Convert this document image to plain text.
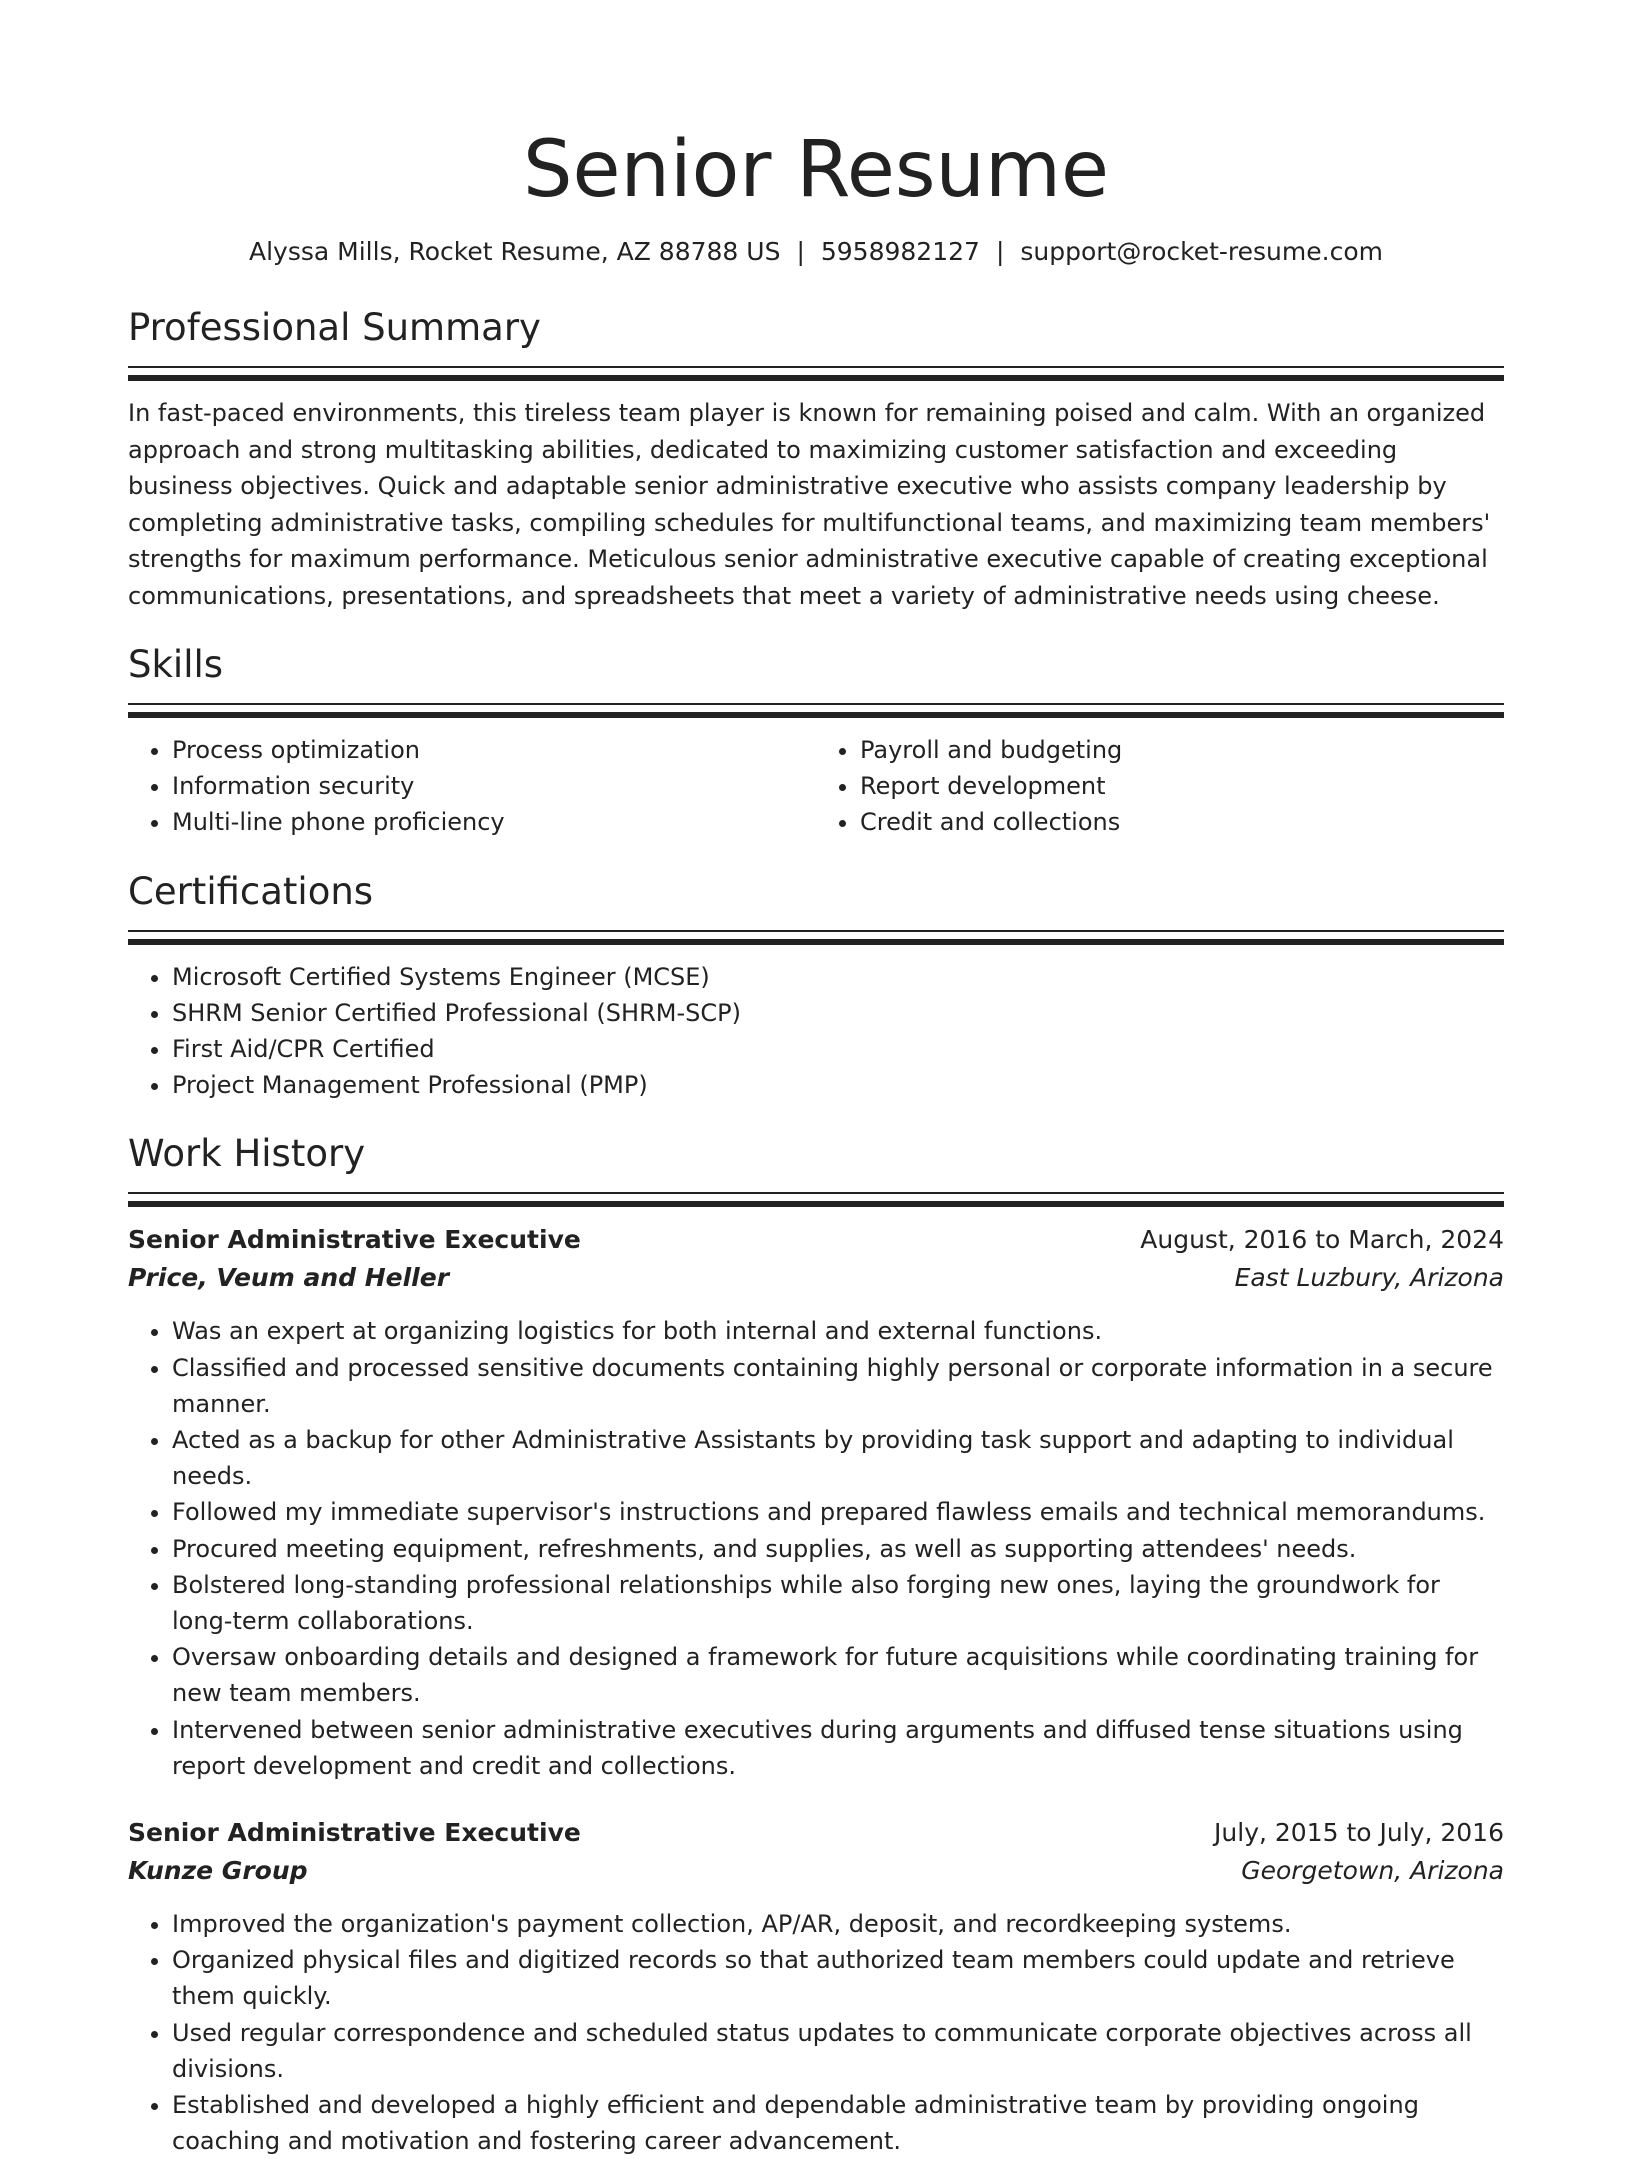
Senior Resume
Alyssa Mills, Rocket Resume, AZ 88788 US | 5958982127 | support@rocket-resume.com
Professional Summary

In fast-paced environments, this tireless team player is known for remaining poised and calm. With an organized approach and strong multitasking abilities, dedicated to maximizing customer satisfaction and exceeding business objectives. Quick and adaptable senior administrative executive who assists company leadership by completing administrative tasks, compiling schedules for multifunctional teams, and maximizing team members' strengths for maximum performance. Meticulous senior administrative executive capable of creating exceptional communications, presentations, and spreadsheets that meet a variety of administrative needs using cheese.

Skills
• Process optimization
• Information security
• Multi-line phone proficiency
• Payroll and budgeting
• Report development
• Credit and collections
Certifications
• Microsoft Certified Systems Engineer (MCSE)
• SHRM Senior Certified Professional (SHRM-SCP)
• First Aid/CPR Certified
• Project Management Professional (PMP)
Work History
Senior Administrative Executive	August, 2016 to March, 2024
Price, Veum and Heller	East Luzbury, Arizona
• Was an expert at organizing logistics for both internal and external functions.
• Classified and processed sensitive documents containing highly personal or corporate information in a secure manner.
• Acted as a backup for other Administrative Assistants by providing task support and adapting to individual needs.
• Followed my immediate supervisor's instructions and prepared flawless emails and technical memorandums.
• Procured meeting equipment, refreshments, and supplies, as well as supporting attendees' needs.
• Bolstered long-standing professional relationships while also forging new ones, laying the groundwork for long-term collaborations.
• Oversaw onboarding details and designed a framework for future acquisitions while coordinating training for new team members.
• Intervened between senior administrative executives during arguments and diffused tense situations using report development and credit and collections.
Senior Administrative Executive	July, 2015 to July, 2016
Kunze Group	Georgetown, Arizona
• Improved the organization's payment collection, AP/AR, deposit, and recordkeeping systems.
• Organized physical files and digitized records so that authorized team members could update and retrieve them quickly.
• Used regular correspondence and scheduled status updates to communicate corporate objectives across all divisions.
• Established and developed a highly efficient and dependable administrative team by providing ongoing coaching and motivation and fostering career advancement.
